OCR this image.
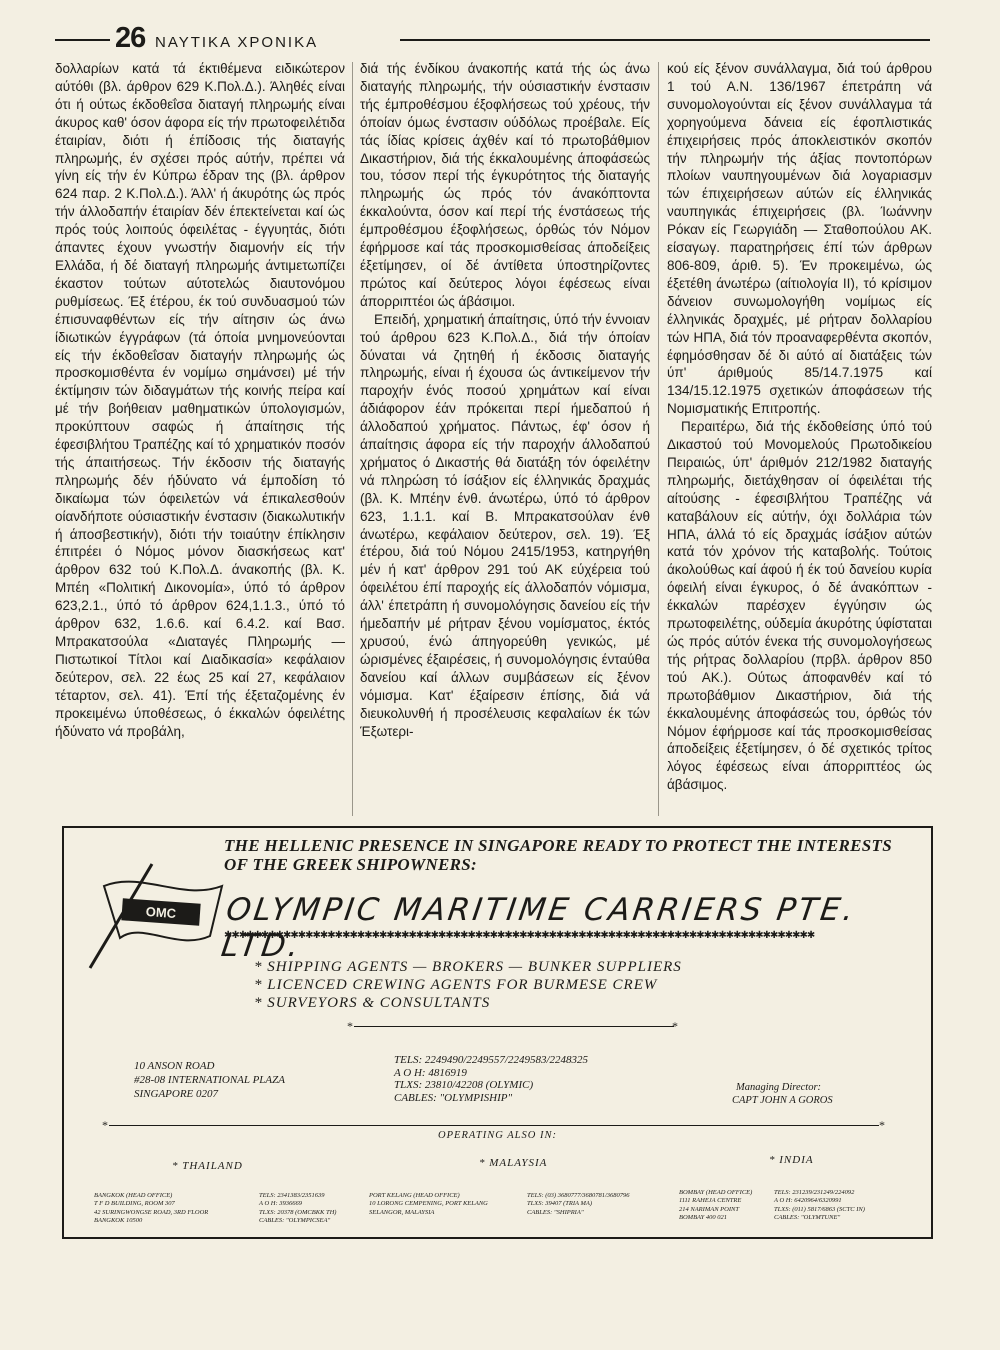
26 ΝΑΥΤΙΚΑ ΧΡΟΝΙΚΑ

δολλαρίων κατά τά έκτιθέμενα ειδικώτερον αύτόθι (βλ. άρθρον 629 Κ.Πολ.Δ.). Άληθές είναι ότι ή ούτως έκδοθεΐσα διαταγή πληρωμής είναι άκυρος καθ' όσον άφορα είς τήν πρωτοφειλέτιδα έταιρίαν, διότι ή έπίδοσις τής διαταγής πληρωμής, έν σχέσει πρός αύτήν, πρέπει νά γίνη είς τήν έν Κύπρω έδραν της (βλ. άρθρον 624 παρ. 2 Κ.Πολ.Δ.). Άλλ' ή άκυρότης ώς πρός τήν άλλοδαπήν έταιρίαν δέν έπεκτείνεται καί ώς πρός τούς λοιπούς όφειλέτας - έγγυητάς, διότι άπαντες έχουν γνωστήν διαμονήν είς τήν Ελλάδα, ή δέ διαταγή πληρωμής άντιμετωπίζει έκαστον τούτων αύτοτελώς διαυτονόμου ρυθμίσεως. Έξ έτέρου, έκ τού συνδυασμού τών έπισυναφθέντων είς τήν αίτησιν ώς άνω ίδιωτικών έγγράφων (τά όποία μνημονεύονται είς τήν έκδοθεΐσαν διαταγήν πληρωμής ώς προσκομισθέντα έν νομίμω σημάνσει) μέ τήν έκτίμησιν τών διδαγμάτων τής κοινής πείρα καί μέ τήν βοήθειαν μαθηματικών ύπολογισμών, προκύπτουν σαφώς ή άπαίτησις τής έφεσιβλήτου Τραπέζης καί τό χρηματικόν ποσόν τής άπαιτήσεως. Τήν έκδοσιν τής διαταγής πληρωμής δέν ήδύνατο νά έμποδίση τό δικαίωμα τών όφειλετών νά έπικαλεσθούν οίανδήποτε ούσιαστικήν ένστασιν (διακωλυτικήν ή άποσβεστικήν), διότι τήν τοιαύτην έπίκλησιν έπιτρέει ό Νόμος μόνον διασκήσεως κατ' άρθρον 632 τού Κ.Πολ.Δ. άνακοπής (βλ. Κ. Μπέη «Πολιτική Δικονομία», ύπό τό άρθρον 623,2.1., ύπό τό άρθρον 624,1.1.3., ύπό τό άρθρον 632, 1.6.6. καί 6.4.2. καί Βασ. Μπρακατσούλα «Διαταγές Πληρωμής — Πιστωτικοί Τίτλοι καί Διαδικασία» κεφάλαιον δεύτερον, σελ. 22 έως 25 καί 27, κεφάλαιον τέταρτον, σελ. 41). Έπί τής έξεταζομένης έν προκειμένω ύποθέσεως, ό έκκαλών όφειλέτης ήδύνατο νά προβάλη,

διά τής ένδίκου άνακοπής κατά τής ώς άνω διαταγής πληρωμής, τήν ούσιαστικήν ένστασιν τής έμπροθέσμου έξοφλήσεως τού χρέους, τήν όποίαν όμως ένστασιν ούδόλως προέβαλε. Είς τάς ίδίας κρίσεις άχθέν καί τό πρωτοβάθμιον Δικαστήριον, διά τής έκκαλουμένης άποφάσεώς του, τόσον περί τής έγκυρότητος τής διαταγής πληρωμής ώς πρός τόν άνακόπτοντα έκκαλούντα, όσον καί περί τής ένστάσεως τής έμπροθέσμου έξοφλήσεως, όρθώς τόν Νόμον έφήρμοσε καί τάς προσκομισθείσας άποδείξεις έξετίμησεν, οί δέ άντίθετα ύποστηρίζοντες πρώτος καί δεύτερος λόγοι έφέσεως είναι άπορριπτέοι ώς άβάσιμοι.

Επειδή, χρηματική άπαίτησις, ύπό τήν έννοιαν τού άρθρου 623 Κ.Πολ.Δ., διά τήν όποίαν δύναται νά ζητηθή ή έκδοσις διαταγής πληρωμής, είναι ή έχουσα ώς άντικείμενον τήν παροχήν ένός ποσού χρημάτων καί είναι άδιάφορον έάν πρόκειται περί ήμεδαπού ή άλλοδαπού χρήματος. Πάντως, έφ' όσον ή άπαίτησις άφορα είς τήν παροχήν άλλοδαπού χρήματος ό Δικαστής θά διατάξη τόν όφειλέτην νά πληρώση τό ίσάξιον είς έλληνικάς δραχμάς (βλ. Κ. Μπέην ένθ. άνωτέρω, ύπό τό άρθρον 623, 1.1.1. καί Β. Μπρακατσούλαν ένθ άνωτέρω, κεφάλαιον δεύτερον, σελ. 19). Έξ έτέρου, διά τού Νόμου 2415/1953, κατηργήθη μέν ή κατ' άρθρον 291 τού ΑΚ εύχέρεια τού όφειλέτου έπί παροχής είς άλλοδαπόν νόμισμα, άλλ' έπετράπη ή συνομολόγησις δανείου είς τήν ήμεδαπήν μέ ρήτραν ξένου νομίσματος, έκτός χρυσού, ένώ άπηγορεύθη γενικώς, μέ ώρισμένες έξαιρέσεις, ή συνομολόγησις ένταύθα δανείου καί άλλων συμβάσεων είς ξένον νόμισμα. Κατ' έξαίρεσιν έπίσης, διά νά διευκολυνθή ή προσέλευσις κεφαλαίων έκ τών Έξωτερι-

κού είς ξένον συνάλλαγμα, διά τού άρθρου 1 τού Α.Ν. 136/1967 έπετράπη νά συνομολογούνται είς ξένον συνάλλαγμα τά χορηγούμενα δάνεια είς έφοπλιστικάς έπιχειρήσεις πρός άποκλειστικόν σκοπόν τήν πληρωμήν τής άξίας ποντοπόρων πλοίων ναυπηγουμένων διά λογαριασμν τών έπιχειρήσεων αύτών είς έλληνικάς ναυπηγικάς έπιχειρήσεις (βλ. Ίωάννην Ρόκαν είς Γεωργιάδη — Σταθοπούλου ΑΚ. είσαγωγ. παρατηρήσεις έπί τών άρθρων 806-809, άριθ. 5). Έν προκειμένω, ώς έξετέθη άνωτέρω (αίτιολογία ΙΙ), τό κρίσιμον δάνειον συνωμολογήθη νομίμως είς έλληνικάς δραχμές, μέ ρήτραν δολλαρίου τών ΗΠΑ, διά τόν προαναφερθέντα σκοπόν, έφημόσθησαν δέ δι αύτό αί διατάξεις τών ύπ' άριθμούς 85/14.7.1975 καί 134/15.12.1975 σχετικών άποφάσεων τής Νομισματικής Επιτροπής.

Περαιτέρω, διά τής έκδοθείσης ύπό τού Δικαστού τού Μονομελούς Πρωτοδικείου Πειραιώς, ύπ' άριθμόν 212/1982 διαταγής πληρωμής, διετάχθησαν οί όφειλέται τής αίτούσης - έφεσιβλήτου Τραπέζης νά καταβάλουν είς αύτήν, όχι δολλάρια τών ΗΠΑ, άλλά τό είς δραχμάς ίσάξιον αύτών κατά τόν χρόνον τής καταβολής. Τούτοις άκολούθως καί άφού ή έκ τού δανείου κυρία όφειλή είναι έγκυρος, ό δέ άνακόπτων - έκκαλών παρέσχεν έγγύησιν ώς πρωτοφειλέτης, ούδεμία άκυρότης ύφίσταται ώς πρός αύτόν ένεκα τής συνομολογήσεως τής ρήτρας δολλαρίου (πρβλ. άρθρον 850 τού ΑΚ.). Ούτως άποφανθέν καί τό πρωτοβάθμιον Δικαστήριον, διά τής έκκαλουμένης άποφάσεώς του, όρθώς τόν Νόμον έφήρμοσε καί τάς προσκομισθείσας άποδείξεις έξετίμησεν, ό δέ σχετικός τρίτος λόγος έφέσεως είναι άπορριπτέος ώς άβάσιμος.

OMC
THE HELLENIC PRESENCE IN SINGAPORE READY TO PROTECT THE INTERESTS OF THE GREEK SHIPOWNERS:
OLYMPIC MARITIME CARRIERS PTE. LTD.
✱✱✱✱✱✱✱✱✱✱✱✱✱✱✱✱✱✱✱✱✱✱✱✱✱✱✱✱✱✱✱✱✱✱✱✱✱✱✱✱✱✱✱✱✱✱✱✱✱✱✱✱✱✱✱✱✱✱✱✱✱✱✱✱✱✱✱✱✱✱✱✱✱✱✱✱✱✱✱✱
* SHIPPING AGENTS — BROKERS — BUNKER SUPPLIERS
* LICENCED CREWING AGENTS FOR BURMESE CREW
* SURVEYORS & CONSULTANTS
*	*
10 ANSON ROAD
#28-08 INTERNATIONAL PLAZA
SINGAPORE 0207
TELS: 2249490/2249557/2249583/2248325
A O H: 4816919
TLXS: 23810/42208 (OLYMIC)
CABLES: "OLYMPISHIP"
Managing Director:
CAPT JOHN A GOROS
*	*
OPERATING ALSO IN:
* THAILAND	* MALAYSIA	* INDIA
BANGKOK (HEAD OFFICE)
T F D BUILDING, ROOM 307
42 SURINGWONGSE ROAD, 3RD FLOOR
BANGKOK 10500
TELS: 2341383/2351639
A O H: 3936669
TLXS: 20378 (OMCBKK TH)
CABLES: "OLYMPICSEA"
PORT KELANG (HEAD OFFICE)
10 LORONG CEMPENING, PORT KELANG
SELANGOR, MALAYSIA
TELS: (03) 3680777/3680781/3680796
TLXS: 39407 (TRIA MA)
CABLES: "SHIPRIA"
BOMBAY (HEAD OFFICE)
1111 RAHEJA CENTRE
214 NARIMAN POINT
BOMBAY 400 021
TELS: 231239/231249/224092
A O H: 6420964/6320991
TLXS: (011) 5817/6863 (SCTC IN)
CABLES: "OLYMTUNE"
